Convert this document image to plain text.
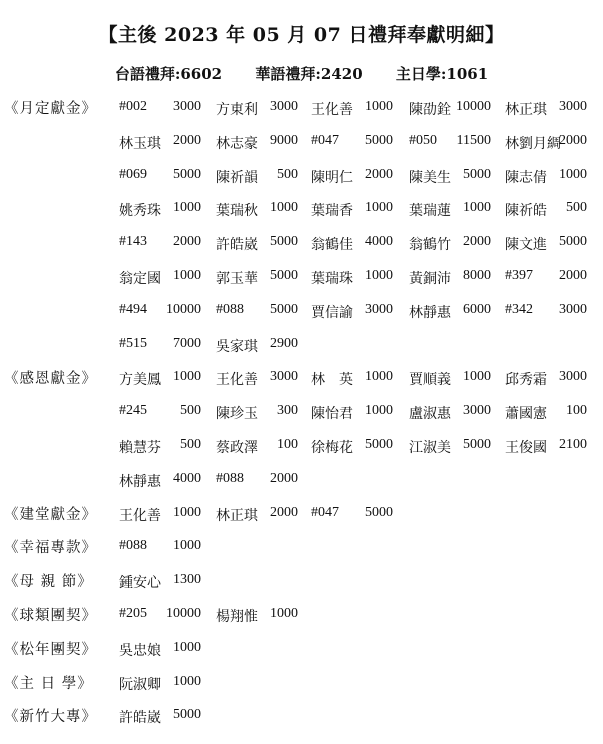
【主後 2023 年 05 月 07 日禮拜奉獻明細】
台語禮拜:6602 華語禮拜:2420 主日學:1061
《月定獻金》 #002 3000 方東利 3000 王化善 1000 陳劭銓 10000 林正琪 3000
林玉琪 2000 林志豪 9000 #047 5000 #050 11500 林劉月綢
2000
#069 5000 陳祈韻 500 陳明仁 2000 陳美生 5000 陳志倩 1000
姚秀珠 1000 葉瑞秋 1000 葉瑞香 1000 葉瑞蓮 1000 陳祈皓 500
#143 2000 許皓崴 5000 翁鶴佳 4000 翁鶴竹 2000 陳文進 5000
翁定國 1000 郭玉華 5000 葉瑞珠 1000 黃銅沛 8000 #397 2000
#494 10000 #088 5000 賈信諭 3000 林靜惠 6000 #342 3000
#515 7000 吳家琪 2900
《感恩獻金》 方美鳳 1000 王化善 3000 林　英 1000 賈順義 1000 邱秀霜 3000
#245 500 陳珍玉 300 陳怡君 1000 盧淑惠 3000 蕭國憲 100
賴慧芬 500 蔡政澤 100 徐梅花 5000 江淑美 5000 王俊國 2100
林靜惠 4000 #088 2000
《建堂獻金》 王化善 1000 林正琪 2000 #047 5000
《幸福專款》 #088 1000
《母 親 節》 鍾安心 1300
《球類團契》 #205 10000 楊翔惟 1000
《松年團契》 吳忠娘 1000
《主 日 學》 阮淑卿 1000
《新竹大專》 許皓崴 5000
